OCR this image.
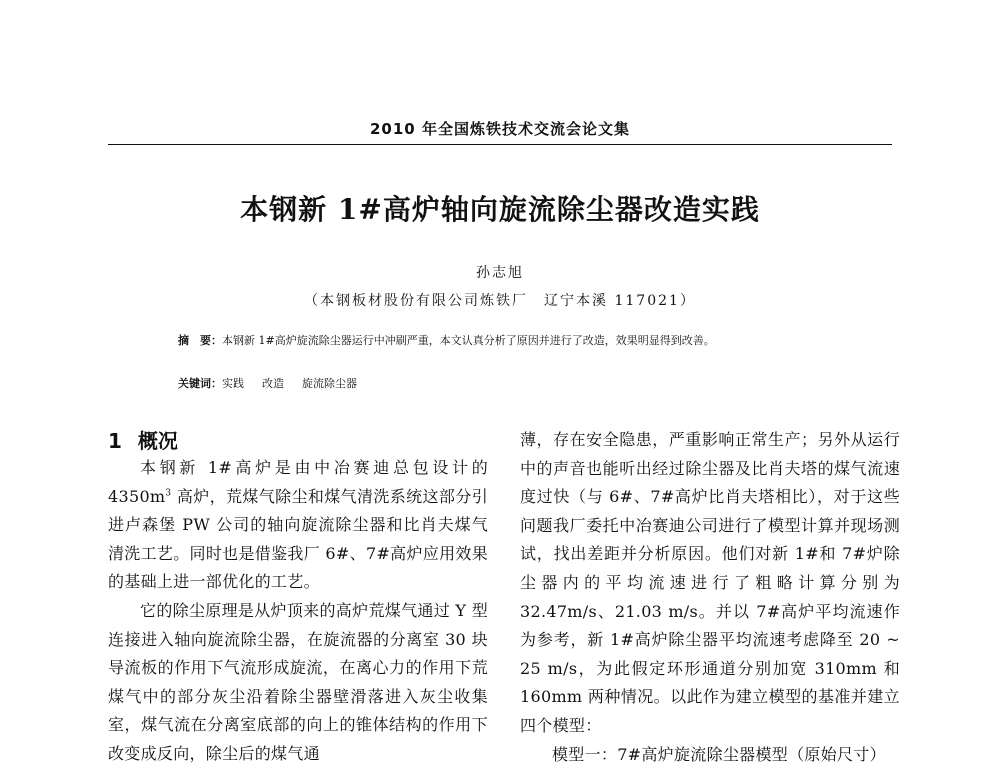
2010 年全国炼铁技术交流会论文集
本钢新 1#高炉轴向旋流除尘器改造实践
孙志旭
（本钢板材股份有限公司炼铁厂　辽宁本溪 117021）
摘　要：本钢新 1#高炉旋流除尘器运行中冲刷严重，本文认真分析了原因并进行了改造，效果明显得到改善。
关键词：实践 改造 旋流除尘器
1 概况

本钢新 1#高炉是由中冶赛迪总包设计的 $4350m^3$ 高炉，荒煤气除尘和煤气清洗系统这部分引进卢森堡 PW 公司的轴向旋流除尘器和比肖夫煤气清洗工艺。同时也是借鉴我厂 6#、7#高炉应用效果的基础上进一部优化的工艺。

它的除尘原理是从炉顶来的高炉荒煤气通过 Y 型连接进入轴向旋流除尘器，在旋流器的分离室 30 块导流板的作用下气流形成旋流，在离心力的作用下荒煤气中的部分灰尘沿着除尘器壁滑落进入灰尘收集室，煤气流在分离室底部的向上的锥体结构的作用下改变成反向，除尘后的煤气通

薄，存在安全隐患，严重影响正常生产；另外从运行中的声音也能听出经过除尘器及比肖夫塔的煤气流速度过快（与 6#、7#高炉比肖夫塔相比），对于这些问题我厂委托中冶赛迪公司进行了模型计算并现场测试，找出差距并分析原因。他们对新 1#和 7#炉除尘器内的平均流速进行了粗略计算分别为 32.47m/s、21.03 m/s。并以 7#高炉平均流速作为参考，新 1#高炉除尘器平均流速考虑降至 20 ~ 25 m/s，为此假定环形通道分别加宽 310mm 和 160mm 两种情况。以此作为建立模型的基准并建立四个模型：

模型一：7#高炉旋流除尘器模型（原始尺寸）
